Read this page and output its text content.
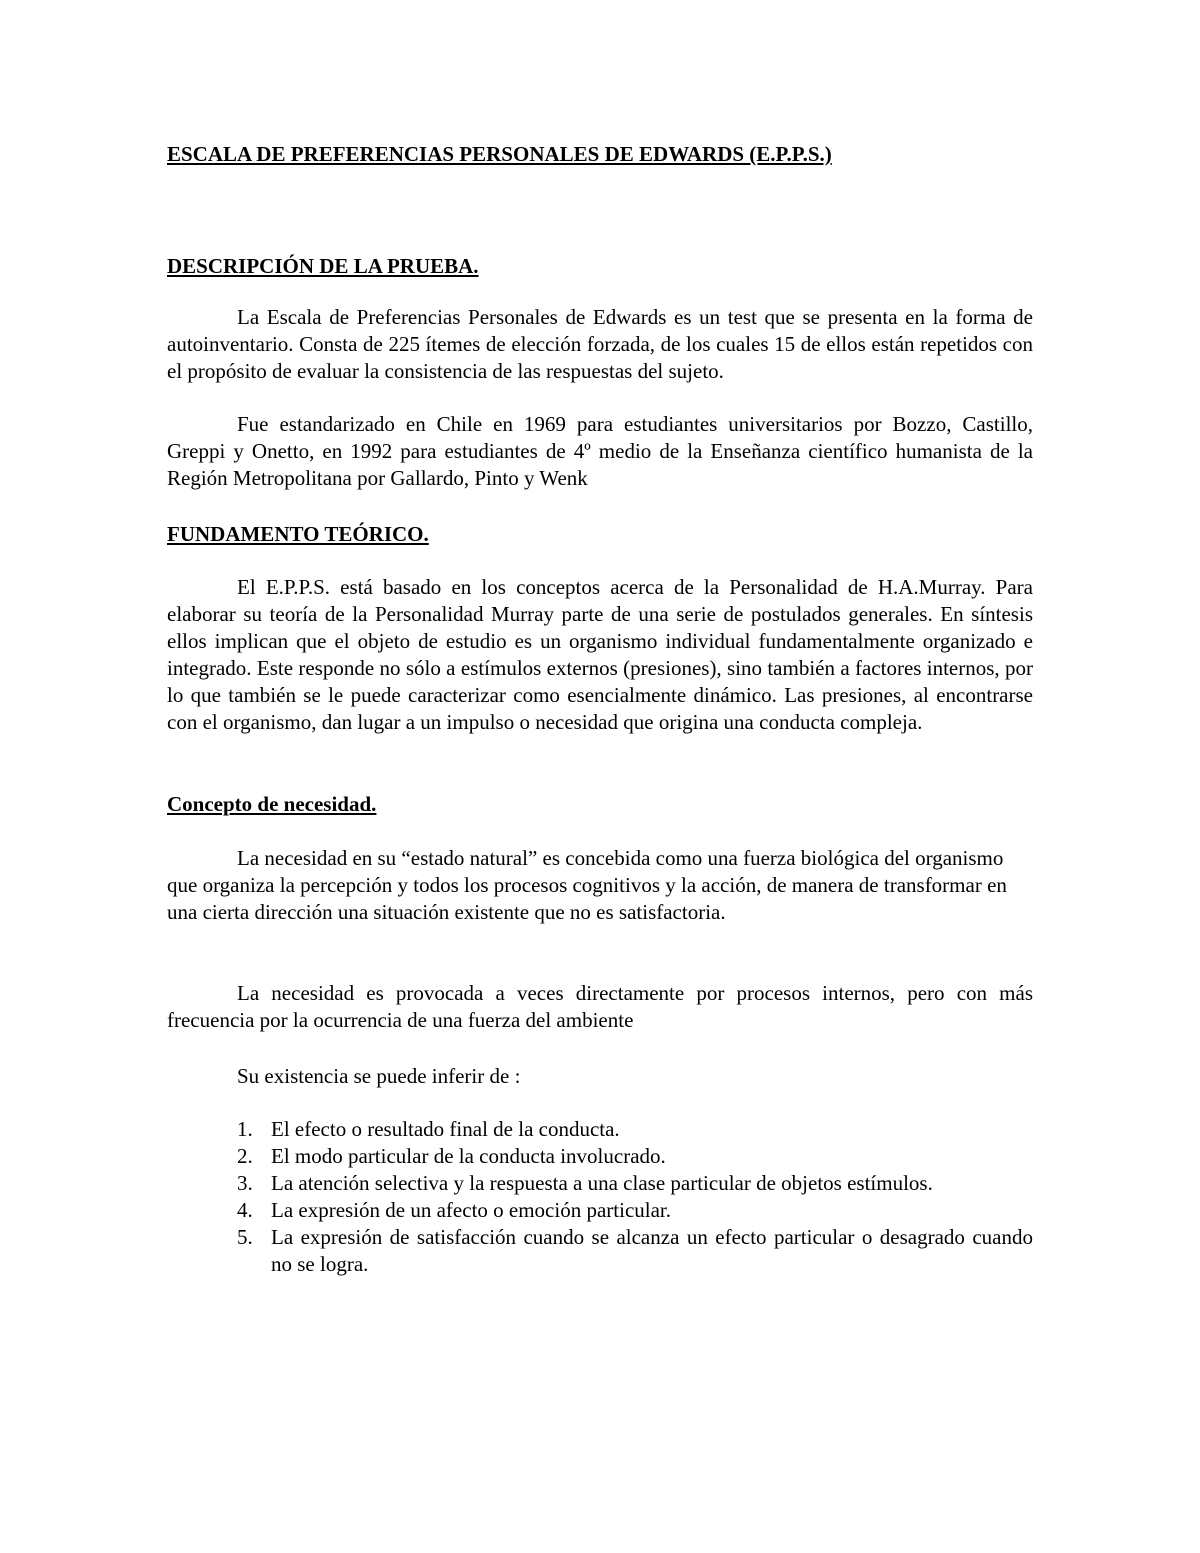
ESCALA DE PREFERENCIAS PERSONALES DE EDWARDS (E.P.P.S.)
DESCRIPCIÓN DE LA PRUEBA.

La Escala de Preferencias Personales de Edwards es un test que se presenta en la forma de autoinventario. Consta de 225 ítemes de elección forzada, de los cuales 15 de ellos están repetidos con el propósito de evaluar la consistencia de las respuestas del sujeto.

Fue estandarizado en Chile en 1969 para estudiantes universitarios por Bozzo, Castillo, Greppi y Onetto, en 1992 para estudiantes de 4º medio de la Enseñanza científico humanista de la Región Metropolitana por Gallardo, Pinto y Wenk

FUNDAMENTO TEÓRICO.

El E.P.P.S. está basado en los conceptos acerca de la Personalidad de H.A.Murray. Para elaborar su teoría de la Personalidad Murray parte de una serie de postulados generales. En síntesis ellos implican que el objeto de estudio es un organismo individual fundamentalmente organizado e integrado. Este responde no sólo a estímulos externos (presiones), sino también a factores internos, por lo que también se le puede caracterizar como esencialmente dinámico. Las presiones, al encontrarse con el organismo, dan lugar a un impulso o necesidad que origina una conducta compleja.

Concepto de necesidad.

La necesidad en su “estado natural” es concebida como una fuerza biológica del organismo que organiza la percepción y todos los procesos cognitivos y la acción, de manera de transformar en una cierta dirección una situación existente que no es satisfactoria.

La necesidad es provocada a veces directamente por procesos internos, pero con más frecuencia por la ocurrencia de una fuerza del ambiente

Su existencia se puede inferir de :
1. El efecto o resultado final de la conducta.
2. El modo particular de la conducta involucrado.
3. La atención selectiva y la respuesta a una clase particular de objetos estímulos.
4. La expresión de un afecto o emoción particular.
5. La expresión de satisfacción cuando se alcanza un efecto particular o desagrado cuando no se logra.
